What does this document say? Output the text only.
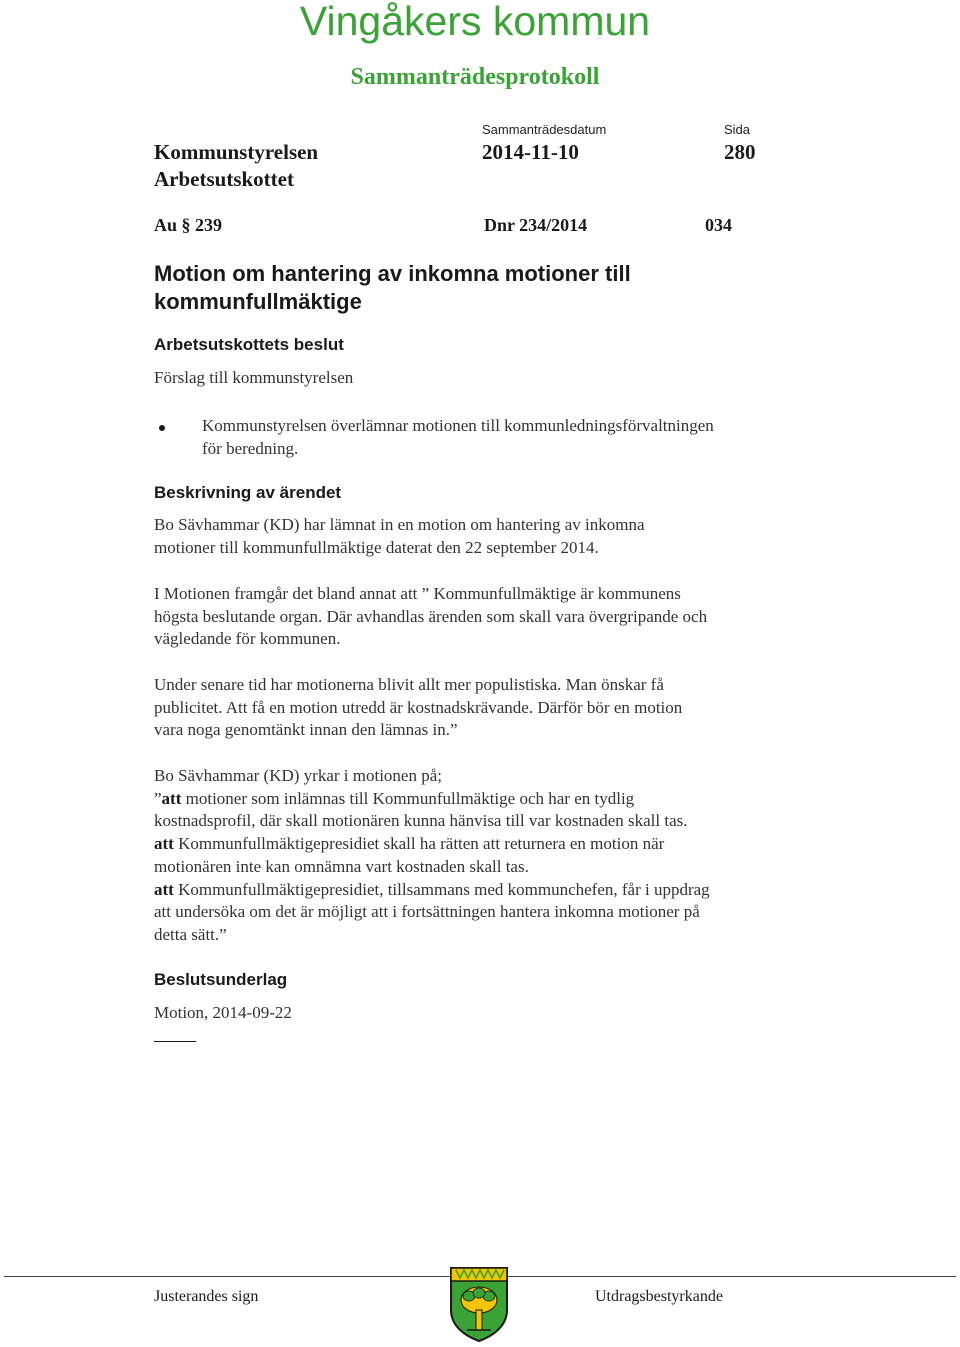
Vingåkers kommun
Sammanträdesprotokoll
Kommunstyrelsen
Arbetsutskottet
Sammanträdesdatum
2014-11-10
Sida
280
Au § 239	Dnr 234/2014	034
Motion om hantering av inkomna motioner till
kommunfullmäktige
Arbetsutskottets beslut
Förslag till kommunstyrelsen
Kommunstyrelsen överlämnar motionen till kommunledningsförvaltningen
för beredning.
Beskrivning av ärendet
Bo Sävhammar (KD) har lämnat in en motion om hantering av inkomna
motioner till kommunfullmäktige daterat den 22 september 2014.
I Motionen framgår det bland annat att ” Kommunfullmäktige är kommunens
högsta beslutande organ. Där avhandlas ärenden som skall vara övergripande och
vägledande för kommunen.
Under senare tid har motionerna blivit allt mer populistiska. Man önskar få
publicitet. Att få en motion utredd är kostnadskrävande. Därför bör en motion
vara noga genomtänkt innan den lämnas in.”
Bo Sävhammar (KD) yrkar i motionen på;
”att motioner som inlämnas till Kommunfullmäktige och har en tydlig
kostnadsprofil, där skall motionären kunna hänvisa till var kostnaden skall tas.
att Kommunfullmäktigepresidiet skall ha rätten att returnera en motion när
motionären inte kan omnämna vart kostnaden skall tas.
att Kommunfullmäktigepresidiet, tillsammans med kommunchefen, får i uppdrag
att undersöka om det är möjligt att i fortsättningen hantera inkomna motioner på
detta sätt.”
Beslutsunderlag
Motion, 2014-09-22
Justerandes sign	Utdragsbestyrkande
